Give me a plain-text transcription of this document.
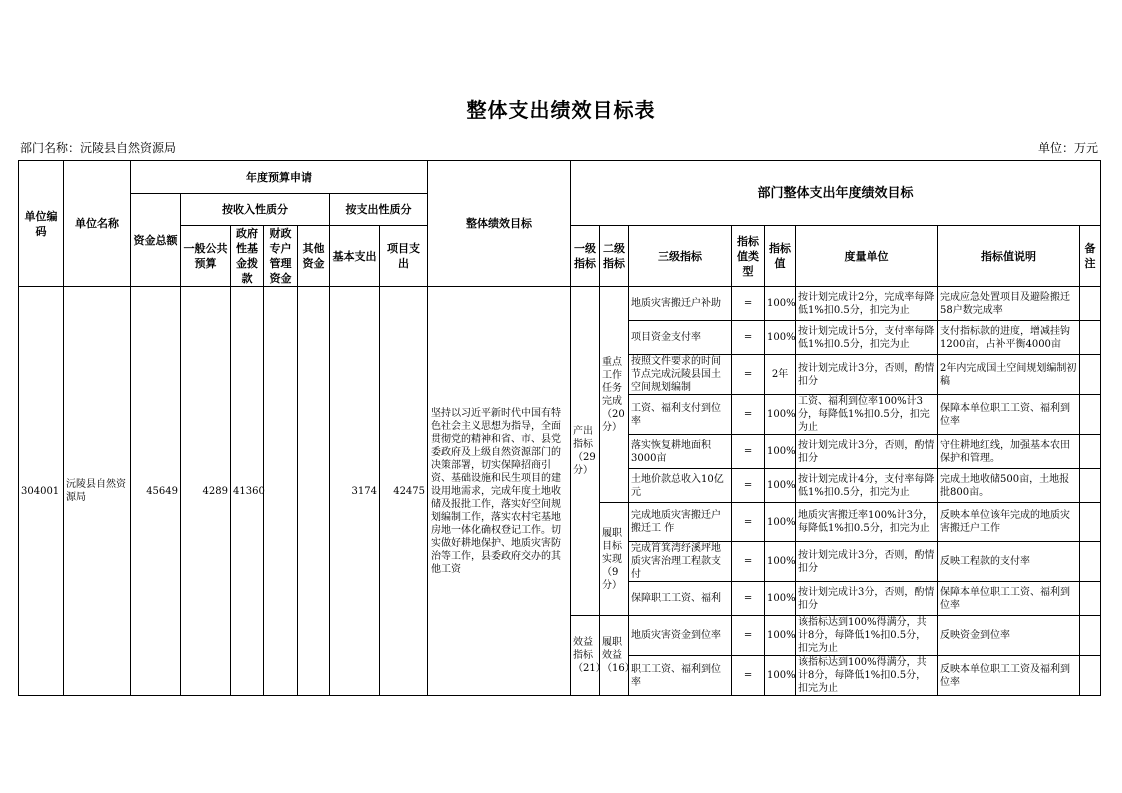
整体支出绩效目标表
部门名称：沅陵县自然资源局	单位：万元
单位编码	单位名称	年度预算申请							整体绩效目标	部门整体支出年度绩效目标							
		资金总额	按收入性质分				按支出性质分										
			一般公共预算	政府性基金拨款	财政专户管理资金	其他资金	基本支出	项目支出		一级指标	二级指标	三级指标	指标值类型	指标值	度量单位	指标值说明	备注
304001	沅陵县自然资源局	45649	4289	41360			3174	42475	坚持以习近平新时代中国有特色社会主义思想为指导，全面贯彻党的精神和省、市、县党委政府及上级自然资源部门的决策部署，切实保障招商引资、基础设施和民生项目的建设用地需求，完成年度土地收储及报批工作，落实好空间规划编制工作，落实农村宅基地房地一体化确权登记工作。切实做好耕地保护、地质灾害防治等工作，县委政府交办的其他工资	产出指标（29分）	重点工作任务完成（20分）	地质灾害搬迁户补助	=	100%	按计划完成计2分，完成率每降低1%扣0.5分，扣完为止	完成应急处置项目及避险搬迁58户数完成率	
												项目资金支付率	=	100%	按计划完成计5分，支付率每降低1%扣0.5分，扣完为止	支付指标款的进度，增减挂钩1200亩，占补平衡4000亩	
												按照文件要求的时间节点完成沅陵县国土空间规划编制	=	2年	按计划完成计3分，否则，酌情扣分	2年内完成国土空间规划编制初稿	
												工资、福利支付到位率	=	100%	工资、福利到位率100%计3分，每降低1%扣0.5分，扣完为止	保障本单位职工工资、福利到位率	
												落实恢复耕地面积3000亩	=	100%	按计划完成计3分，否则，酌情扣分	守住耕地红线，加强基本农田保护和管理。	
												土地价款总收入10亿元	=	100%	按计划完成计4分，支付率每降低1%扣0.5分，扣完为止	完成土地收储500亩，土地报批800亩。	
											履职目标实现（9分）	完成地质灾害搬迁户搬迁工 作	=	100%	地质灾害搬迁率100%计3分，每降低1%扣0.5分，扣完为止	反映本单位该年完成的地质灾害搬迁户工作	
												完成筲箕湾纾溪坪地质灾害治理工程款支付	=	100%	按计划完成计3分，否则，酌情扣分	反映工程款的支付率	
												保障职工工资、福利	=	100%	按计划完成计3分，否则，酌情扣分	保障本单位职工工资、福利到位率	
										效益指标（21）	履职效益（16）	地质灾害资金到位率	=	100%	该指标达到100%得满分，共计8分，每降低1%扣0.5分，扣完为止	反映资金到位率	
												职工工资、福利到位率	=	100%	该指标达到100%得满分，共计8分，每降低1%扣0.5分，扣完为止	反映本单位职工工资及福利到位率	
